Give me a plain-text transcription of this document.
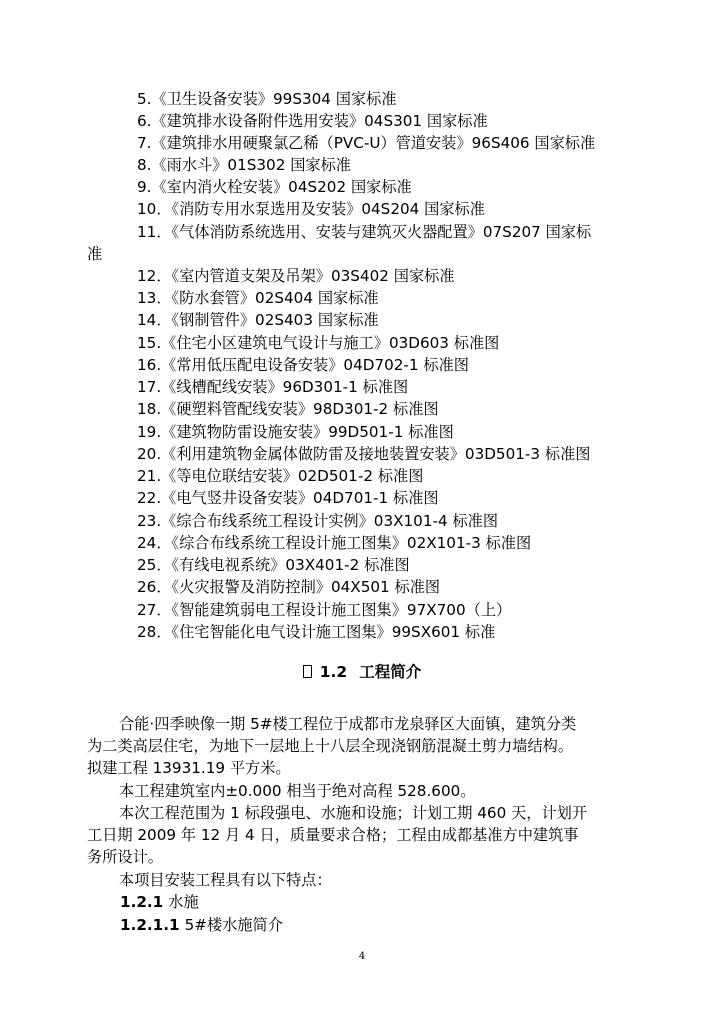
5.《卫生设备安装》99S304 国家标准
6.《建筑排水设备附件选用安装》04S301 国家标准
7.《建筑排水用硬聚氯乙稀（PVC-U）管道安装》96S406 国家标准
8.《雨水斗》01S302 国家标准
9.《室内消火栓安装》04S202 国家标准
10．《消防专用水泵选用及安装》04S204 国家标准
11．《气体消防系统选用、安装与建筑灭火器配置》07S207 国家标
准
12．《室内管道支架及吊架》03S402 国家标准
13．《防水套管》02S404 国家标准
14．《钢制管件》02S403 国家标准
15.《住宅小区建筑电气设计与施工》03D603 标准图
16.《常用低压配电设备安装》04D702-1 标准图
17.《线槽配线安装》96D301-1 标准图
18.《硬塑料管配线安装》98D301-2 标准图
19.《建筑物防雷设施安装》99D501-1 标准图
20.《利用建筑物金属体做防雷及接地装置安装》03D501-3 标准图
21.《等电位联结安装》02D501-2 标准图
22.《电气竖井设备安装》04D701-1 标准图
23.《综合布线系统工程设计实例》03X101-4 标准图
24．《综合布线系统工程设计施工图集》02X101-3 标准图
25．《有线电视系统》03X401-2 标准图
26．《火灾报警及消防控制》04X501 标准图
27．《智能建筑弱电工程设计施工图集》97X700（上）
28．《住宅智能化电气设计施工图集》99SX601 标准
1.2 工程简介
合能·四季映像一期 5#楼工程位于成都市龙泉驿区大面镇，建筑分类
为二类高层住宅，为地下一层地上十八层全现浇钢筋混凝土剪力墙结构。
拟建工程 13931.19 平方米。
本工程建筑室内±0.000 相当于绝对高程 528.600。
本次工程范围为 1 标段强电、水施和设施；计划工期 460 天，计划开
工日期 2009 年 12 月 4 日，质量要求合格；工程由成都基准方中建筑事
务所设计。
本项目安装工程具有以下特点：
1.2.1 水施
1.2.1.1 5#楼水施简介
4
